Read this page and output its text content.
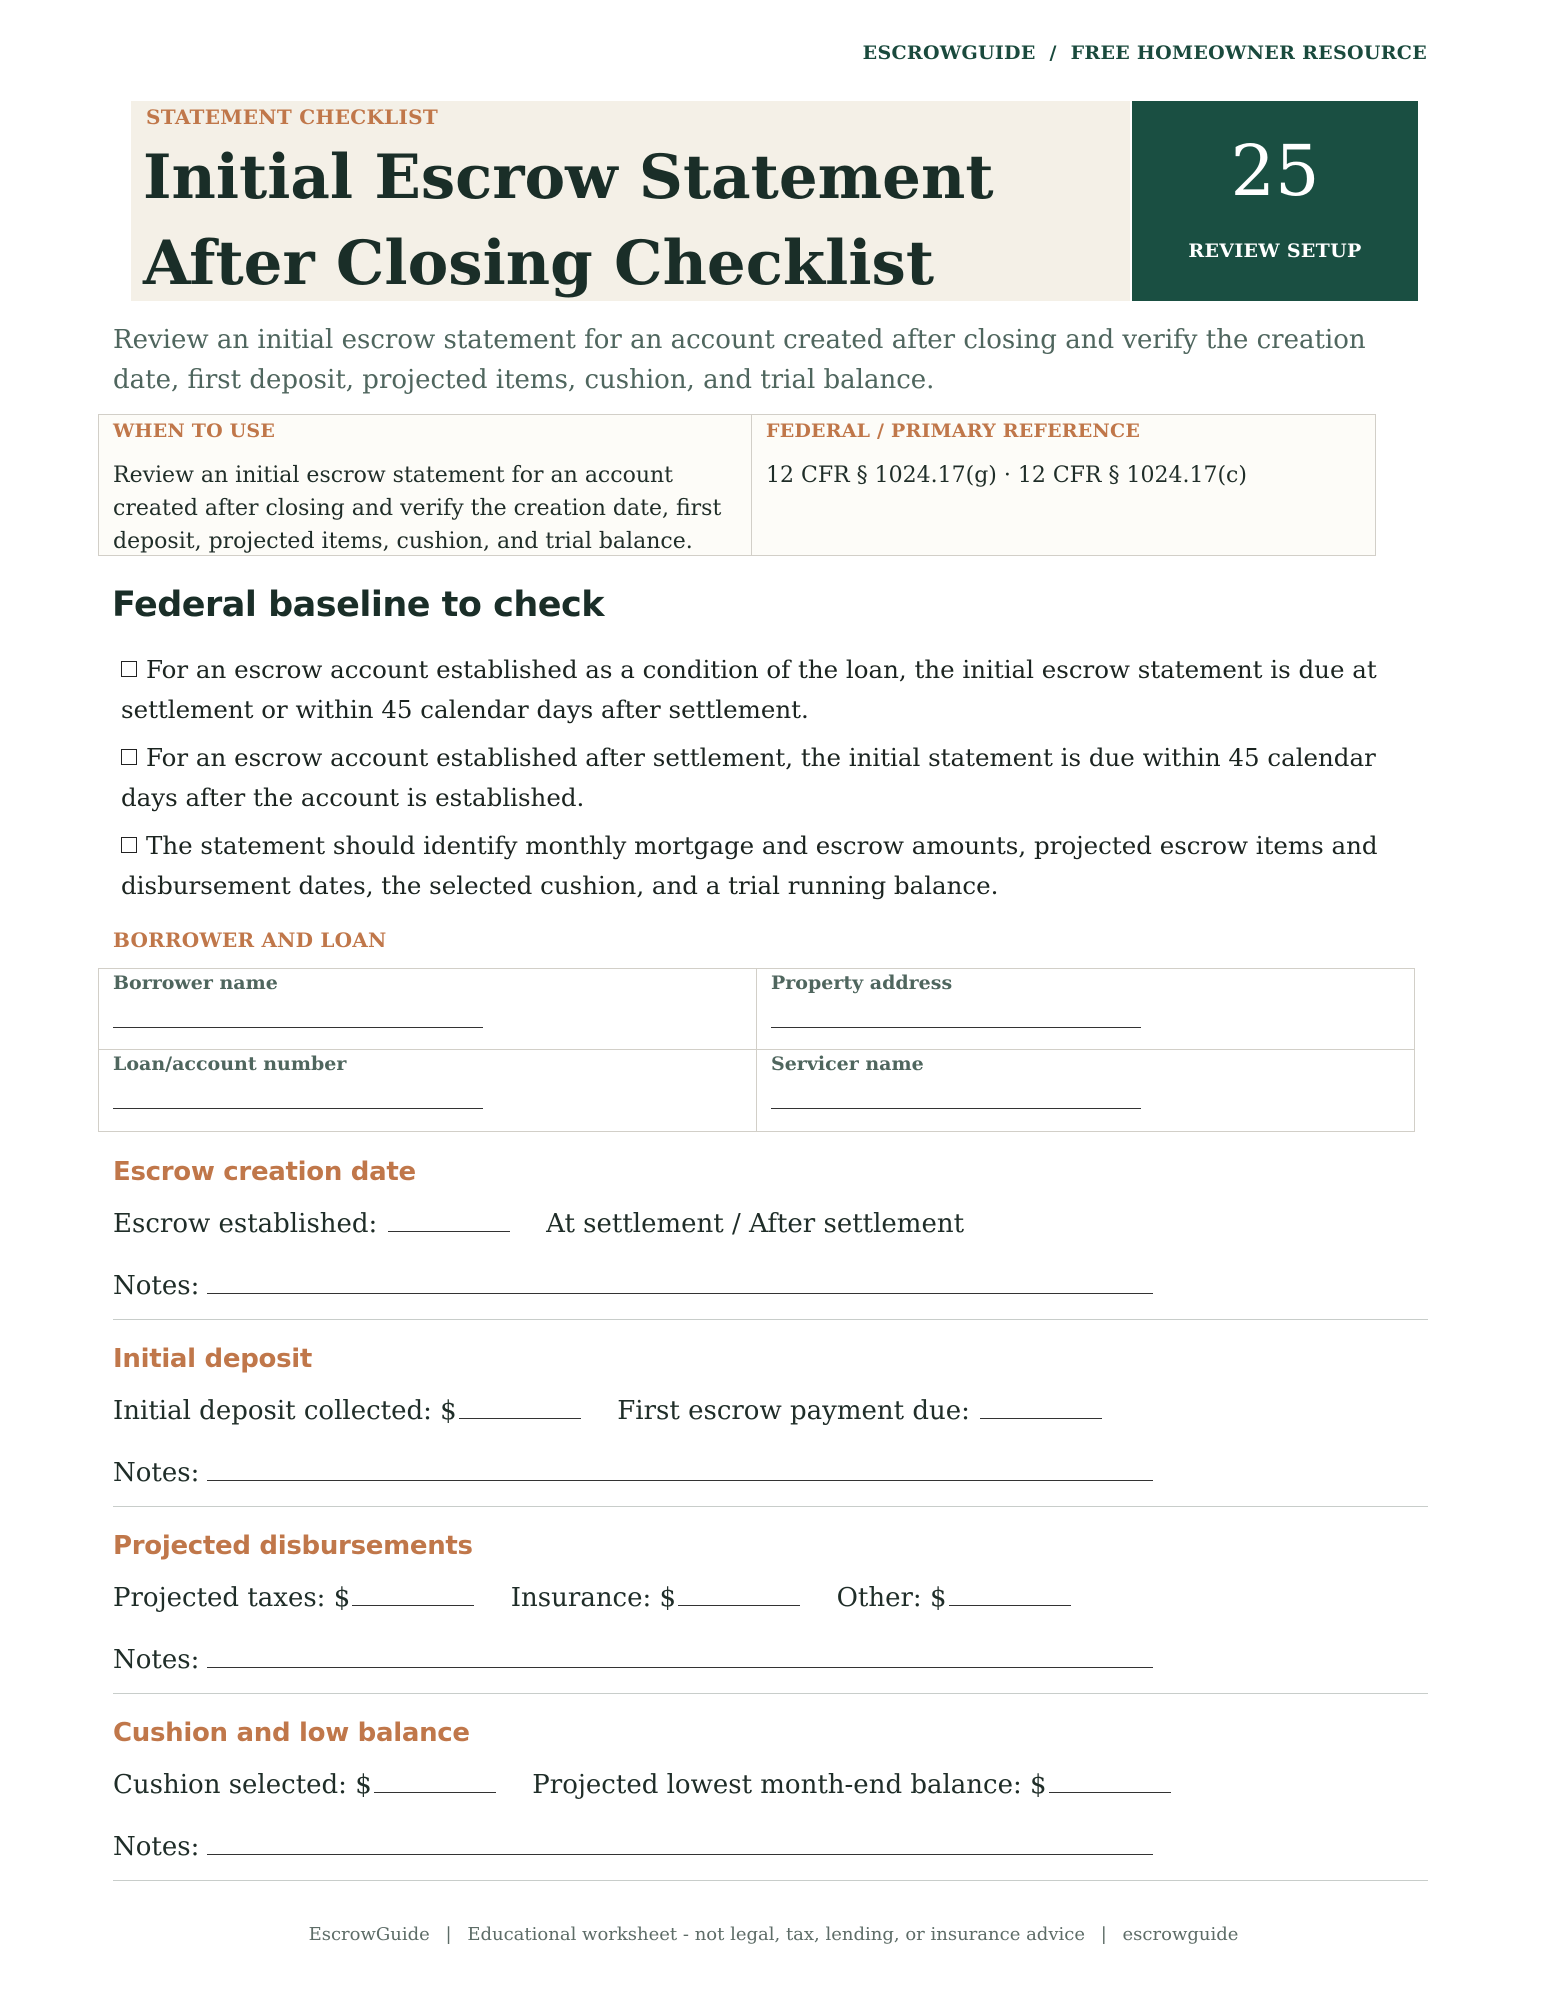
ESCROWGUIDE / FREE HOMEOWNER RESOURCE
STATEMENT CHECKLIST
Initial Escrow Statement After Closing Checklist
25
REVIEW SETUP
Review an initial escrow statement for an account created after closing and verify the creation date, first deposit, projected items, cushion, and trial balance.
WHEN TO USE
Review an initial escrow statement for an account created after closing and verify the creation date, first deposit, projected items, cushion, and trial balance.
FEDERAL / PRIMARY REFERENCE
12 CFR § 1024.17(g) · 12 CFR § 1024.17(c)
Federal baseline to check
For an escrow account established as a condition of the loan, the initial escrow statement is due at settlement or within 45 calendar days after settlement.
For an escrow account established after settlement, the initial statement is due within 45 calendar days after the account is established.
The statement should identify monthly mortgage and escrow amounts, projected escrow items and disbursement dates, the selected cushion, and a trial running balance.
BORROWER AND LOAN
Borrower name	Property address
Loan/account number	Servicer name
Escrow creation date
Escrow established:	At settlement / After settlement
Notes:
Initial deposit
Initial deposit collected: $	First escrow payment due:
Notes:
Projected disbursements
Projected taxes: $	Insurance: $	Other: $
Notes:
Cushion and low balance
Cushion selected: $	Projected lowest month-end balance: $
Notes:
EscrowGuide | Educational worksheet - not legal, tax, lending, or insurance advice | escrowguide
